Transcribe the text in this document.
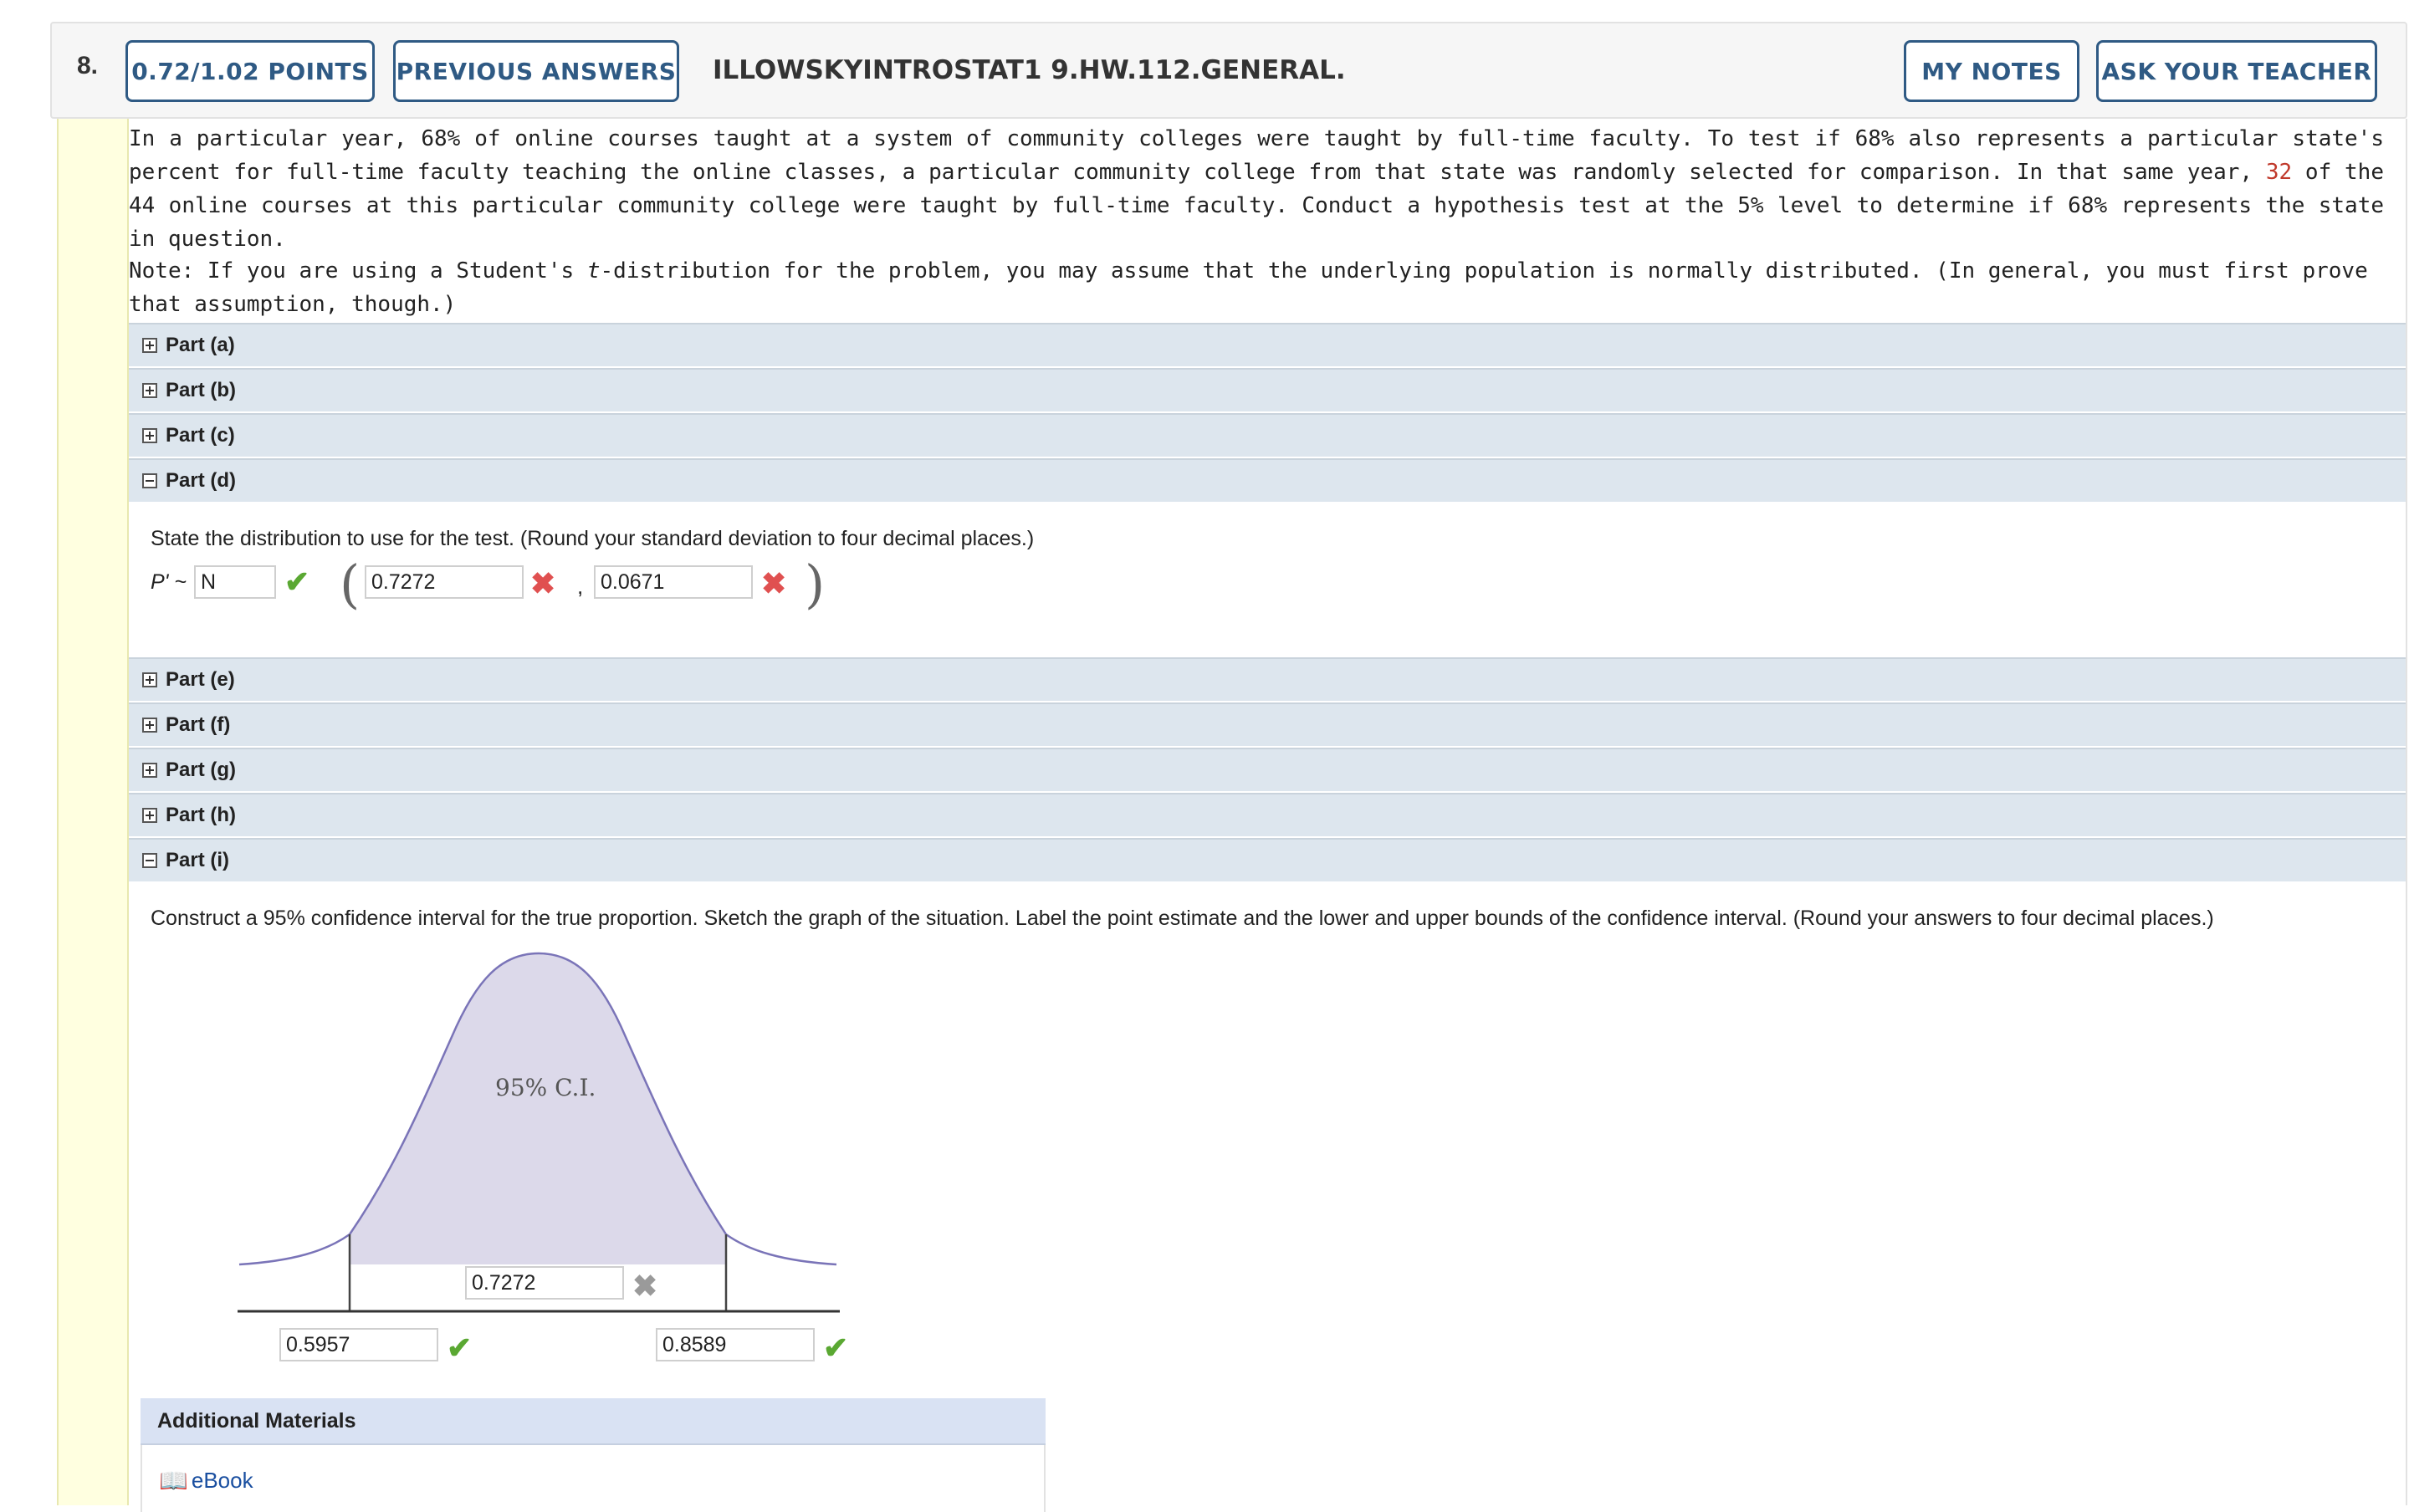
8. 0.72/1.02 POINTS PREVIOUS ANSWERS ILLOWSKYINTROSTAT1 9.HW.112.GENERAL.	MY NOTES	ASK YOUR TEACHER
In a particular year, 68% of online courses taught at a system of community colleges were taught by full-time faculty. To test if 68% also represents a particular state's percent for full-time faculty teaching the online classes, a particular community college from that state was randomly selected for comparison. In that same year, 32 of the 44 online courses at this particular community college were taught by full-time faculty. Conduct a hypothesis test at the 5% level to determine if 68% represents the state in question.
Note: If you are using a Student's t-distribution for the problem, you may assume that the underlying population is normally distributed. (In general, you must first prove that assumption, though.)
Part (a)
Part (b)
Part (c)
Part (d)
State the distribution to use for the test. (Round your standard deviation to four decimal places.)
P' ~ N	✔ ( 0.7272	✖ , 0.0671	✖ )
Part (e)
Part (f)
Part (g)
Part (h)
Part (i)
Construct a 95% confidence interval for the true proportion. Sketch the graph of the situation. Label the point estimate and the lower and upper bounds of the confidence interval. (Round your answers to four decimal places.)
95% C.I.
0.7272	✖
0.5957	✔	0.8589	✔
Additional Materials
📖 eBook
